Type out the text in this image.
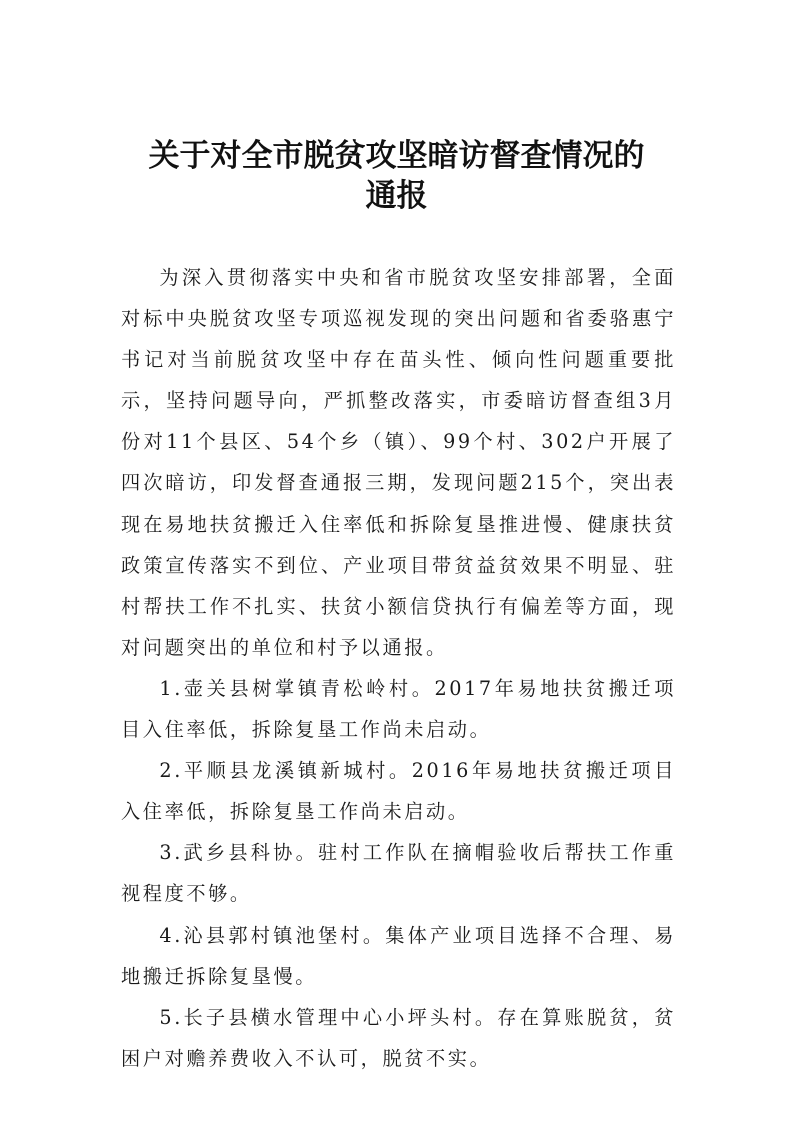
关于对全市脱贫攻坚暗访督查情况的
通报

为深入贯彻落实中央和省市脱贫攻坚安排部署，全面对标中央脱贫攻坚专项巡视发现的突出问题和省委骆惠宁书记对当前脱贫攻坚中存在苗头性、倾向性问题重要批示，坚持问题导向，严抓整改落实，市委暗访督查组3月份对11个县区、54个乡（镇）、99个村、302户开展了四次暗访，印发督查通报三期，发现问题215个，突出表现在易地扶贫搬迁入住率低和拆除复垦推进慢、健康扶贫政策宣传落实不到位、产业项目带贫益贫效果不明显、驻村帮扶工作不扎实、扶贫小额信贷执行有偏差等方面，现对问题突出的单位和村予以通报。

1.壶关县树掌镇青松岭村。2017年易地扶贫搬迁项目入住率低，拆除复垦工作尚未启动。

2.平顺县龙溪镇新城村。2016年易地扶贫搬迁项目入住率低，拆除复垦工作尚未启动。

3.武乡县科协。驻村工作队在摘帽验收后帮扶工作重视程度不够。

4.沁县郭村镇池堡村。集体产业项目选择不合理、易地搬迁拆除复垦慢。

5.长子县横水管理中心小坪头村。存在算账脱贫，贫困户对赡养费收入不认可，脱贫不实。
